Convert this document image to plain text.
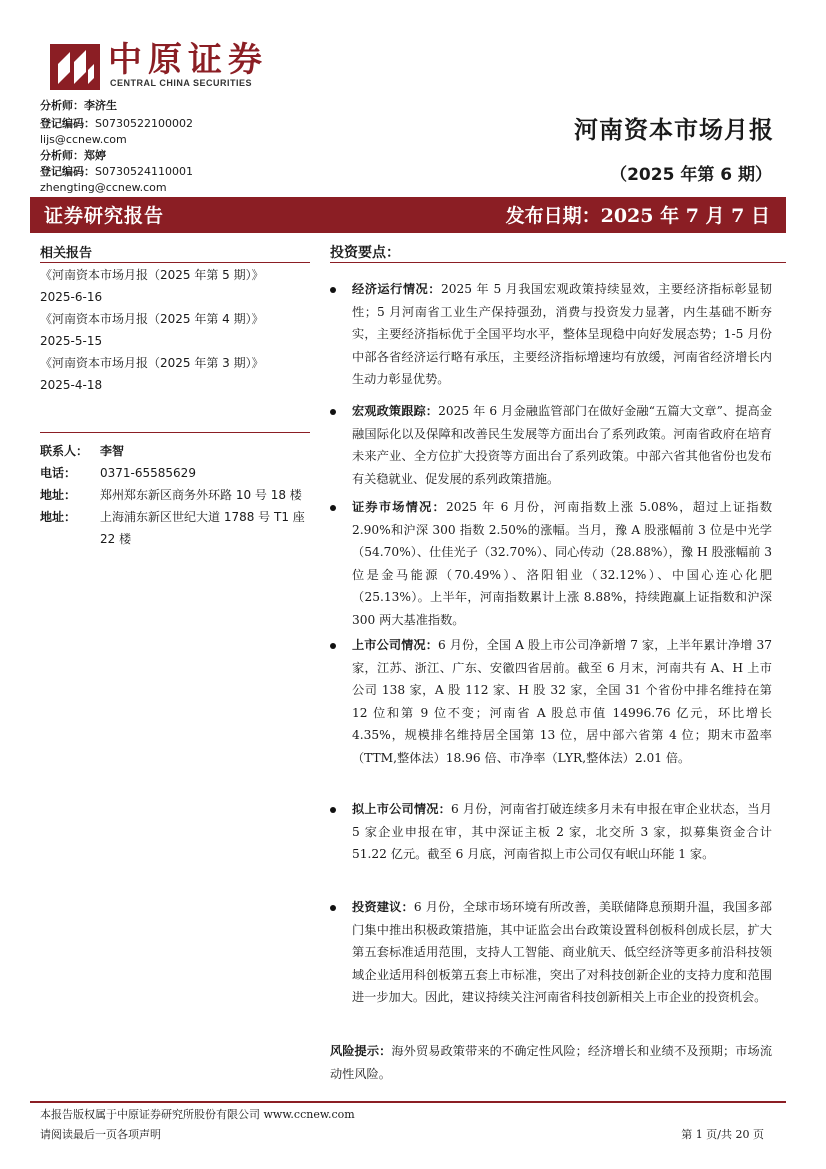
中原证券
CENTRAL CHINA SECURITIES
分析师：李济生
登记编码：S0730522100002
lijs@ccnew.com
分析师：郑婷
登记编码：S0730524110001
zhengting@ccnew.com
河南资本市场月报
（2025 年第 6 期）
证券研究报告	发布日期：2025 年 7 月 7 日
相关报告
《河南资本市场月报（2025 年第 5 期）》
2025-6-16
《河南资本市场月报（2025 年第 4 期）》
2025-5-15
《河南资本市场月报（2025 年第 3 期）》
2025-4-18
联系人： 李智
电话： 0371-65585629
地址： 郑州郑东新区商务外环路 10 号 18 楼
地址：	上海浦东新区世纪大道 1788 号 T1 座 22 楼
投资要点：
经济运行情况：2025 年 5 月我国宏观政策持续显效，主要经济指标彰显韧性；5 月河南省工业生产保持强劲，消费与投资发力显著，内生基础不断夯实，主要经济指标优于全国平均水平，整体呈现稳中向好发展态势；1-5 月份中部各省经济运行略有承压，主要经济指标增速均有放缓，河南省经济增长内生动力彰显优势。
宏观政策跟踪：2025 年 6 月金融监管部门在做好金融“五篇大文章”、提高金融国际化以及保障和改善民生发展等方面出台了系列政策。河南省政府在培育未来产业、全方位扩大投资等方面出台了系列政策。中部六省其他省份也发布有关稳就业、促发展的系列政策措施。
证券市场情况：2025 年 6 月份，河南指数上涨 5.08%，超过上证指数 2.90%和沪深 300 指数 2.50%的涨幅。当月，豫 A 股涨幅前 3 位是中光学（54.70%）、仕佳光子（32.70%）、同心传动（28.88%），豫 H 股涨幅前 3 位是金马能源（70.49%）、洛阳钼业（32.12%）、中国心连心化肥（25.13%）。上半年，河南指数累计上涨 8.88%，持续跑赢上证指数和沪深 300 两大基准指数。
上市公司情况：6 月份，全国 A 股上市公司净新增 7 家，上半年累计净增 37 家，江苏、浙江、广东、安徽四省居前。截至 6 月末，河南共有 A、H 上市公司 138 家，A 股 112 家、H 股 32 家，全国 31 个省份中排名维持在第 12 位和第 9 位不变；河南省 A 股总市值 14996.76 亿元，环比增长 4.35%，规模排名维持居全国第 13 位，居中部六省第 4 位；期末市盈率（TTM,整体法）18.96 倍、市净率（LYR,整体法）2.01 倍。
拟上市公司情况：6 月份，河南省打破连续多月未有申报在审企业状态，当月 5 家企业申报在审，其中深证主板 2 家，北交所 3 家，拟募集资金合计 51.22 亿元。截至 6 月底，河南省拟上市公司仅有岷山环能 1 家。
投资建议：6 月份，全球市场环境有所改善，美联储降息预期升温，我国多部门集中推出积极政策措施，其中证监会出台政策设置科创板科创成长层，扩大第五套标准适用范围，支持人工智能、商业航天、低空经济等更多前沿科技领域企业适用科创板第五套上市标准，突出了对科技创新企业的支持力度和范围进一步加大。因此，建议持续关注河南省科技创新相关上市企业的投资机会。
风险提示：海外贸易政策带来的不确定性风险；经济增长和业绩不及预期；市场流动性风险。
本报告版权属于中原证券研究所股份有限公司 www.ccnew.com
请阅读最后一页各项声明	第 1 页/共 20 页
